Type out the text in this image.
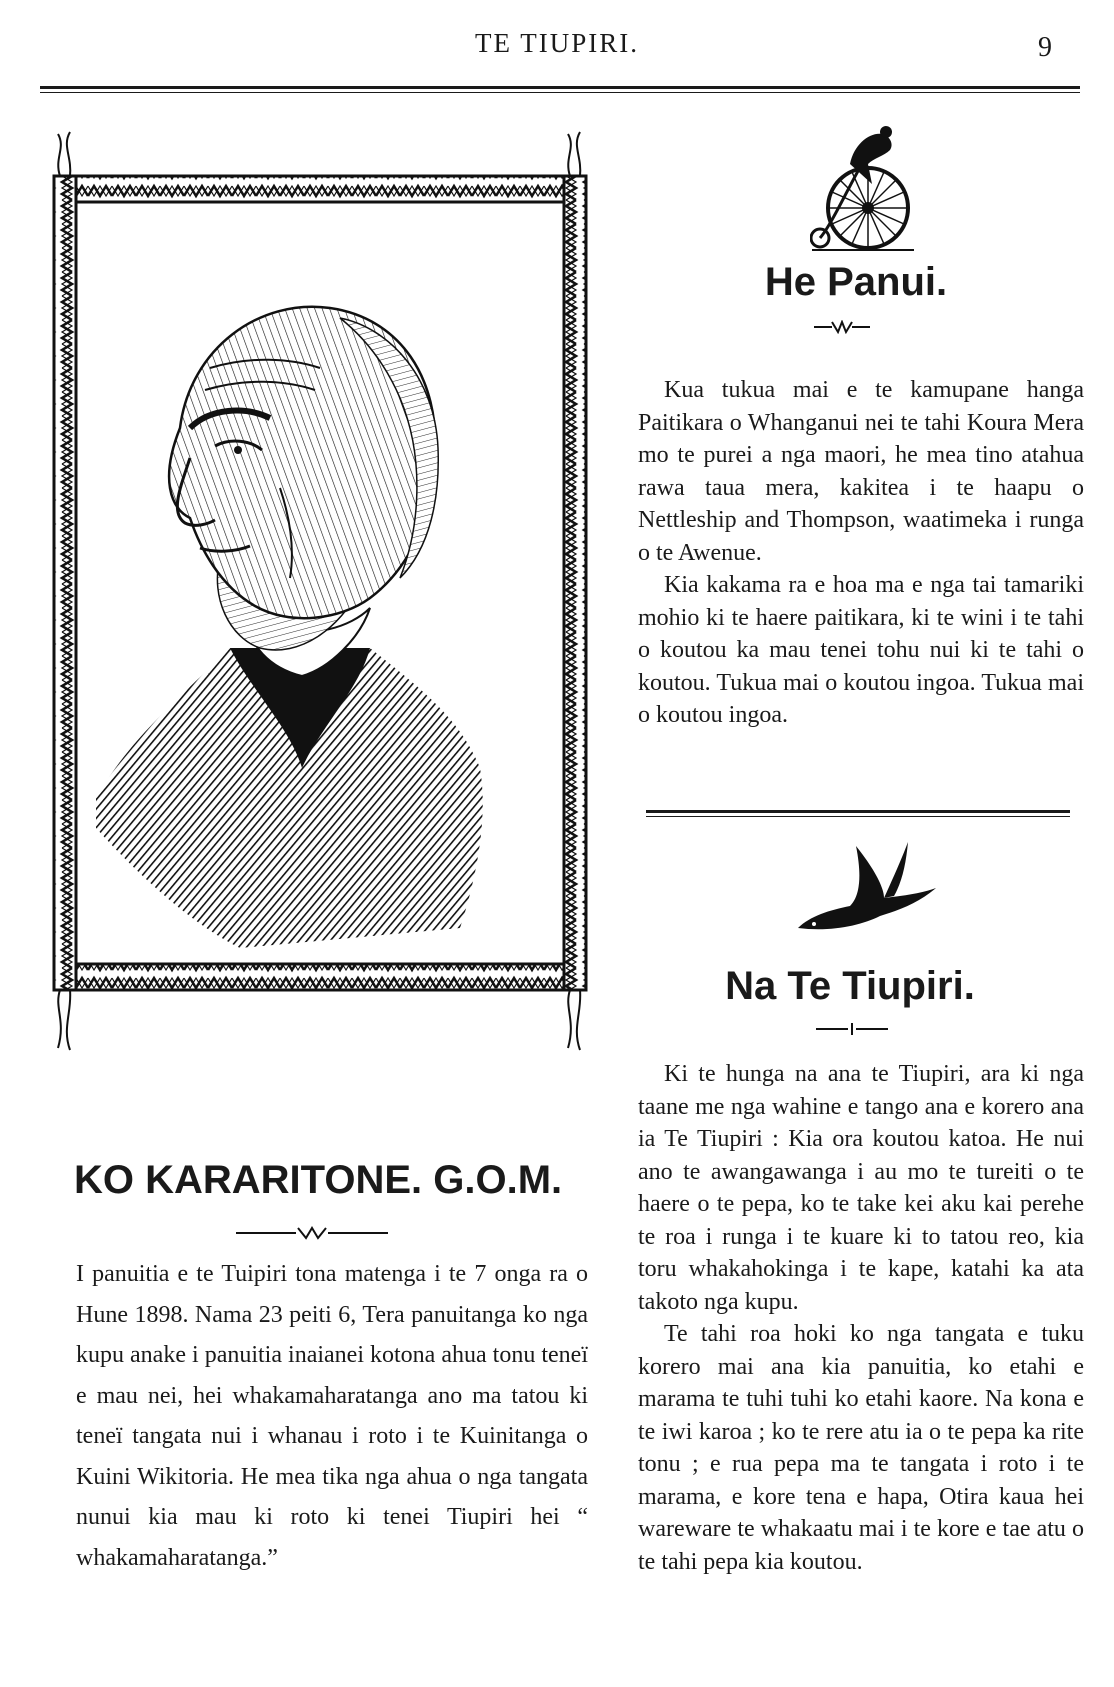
TE TIUPIRI.	9
KO KARARITONE. G.O.M.
I panuitia e te Tuipiri tona matenga i te 7 onga ra o Hune 1898. Nama 23 peiti 6, Tera panuitanga ko nga kupu anake i panuitia inaianei kotona ahua tonu teneï e mau nei, hei whakamaharatanga ano ma tatou ki teneï tangata nui i whanau i roto i te Kuinitanga o Kuini Wikitoria. He mea tika nga ahua o nga tangata nunui kia mau ki roto ki tenei Tiupiri hei “ whakamaharatanga.”
He Panui.

Kua tukua mai e te kamupane hanga Paitikara o Whanganui nei te tahi Koura Mera mo te purei a nga maori, he mea tino atahua rawa taua mera, kakitea i te haapu o Nettleship and Thompson, waatimeka i runga o te Awenue.

Kia kakama ra e hoa ma e nga tai tamariki mohio ki te haere paitikara, ki te wini i te tahi o koutou ka mau tenei tohu nui ki te tahi o koutou. Tukua mai o koutou ingoa. Tukua mai o koutou ingoa.

Na Te Tiupiri.

Ki te hunga na ana te Tiupiri, ara ki nga taane me nga wahine e tango ana e korero ana ia Te Tiupiri : Kia ora koutou katoa. He nui ano te awangawanga i au mo te tureiti o te haere o te pepa, ko te take kei aku kai perehe te roa i runga i te kuare ki to tatou reo, kia toru whakahokinga i te kape, katahi ka ata takoto nga kupu.

Te tahi roa hoki ko nga tangata e tuku korero mai ana kia panuitia, ko etahi e marama te tuhi tuhi ko etahi kaore. Na kona e te iwi karoa ; ko te rere atu ia o te pepa ka rite tonu ; e rua pepa ma te tangata i roto i te marama, e kore tena e hapa, Otira kaua hei wareware te whakaatu mai i te kore e tae atu o te tahi pepa kia koutou.
